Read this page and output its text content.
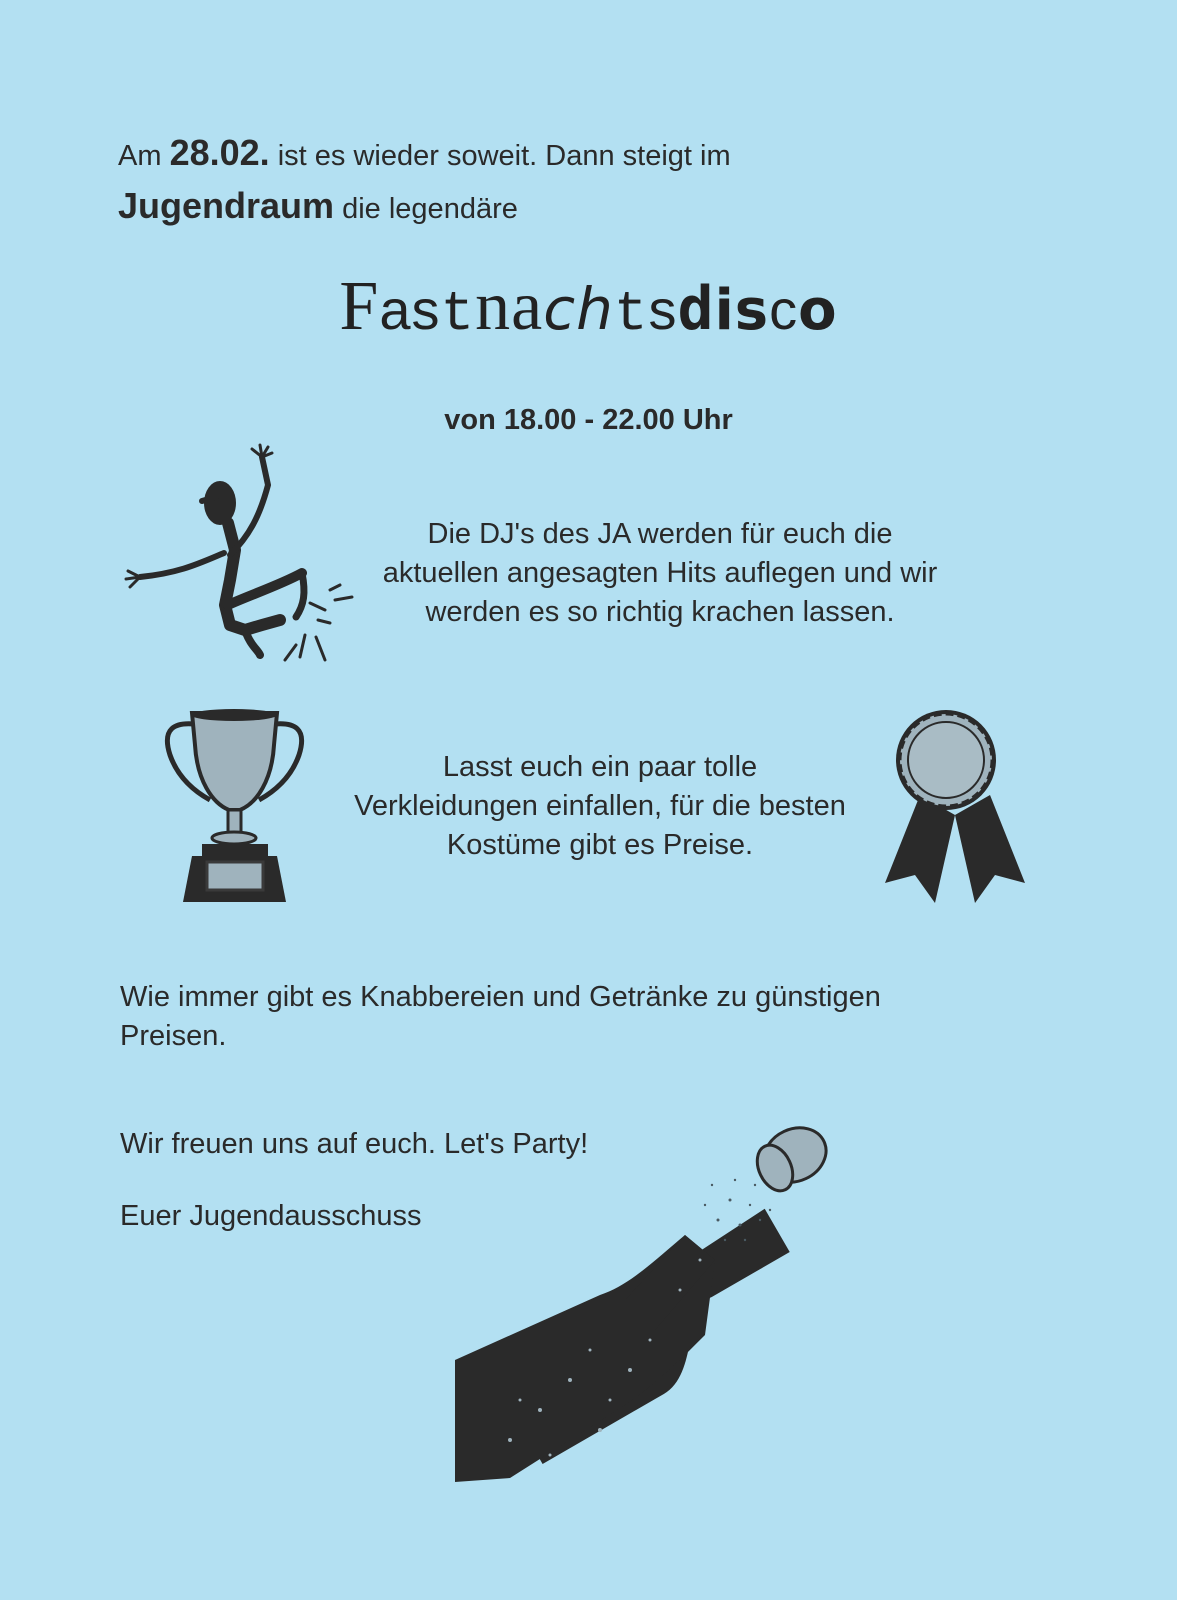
Am 28.02. ist es wieder soweit. Dann steigt im
Jugendraum die legendäre
Fastnachtsdisco
von 18.00 - 22.00 Uhr
Die DJ's des JA werden für euch die
aktuellen angesagten Hits auflegen und wir
werden es so richtig krachen lassen.
Lasst euch ein paar tolle
Verkleidungen einfallen, für die besten
Kostüme gibt es Preise.
Wie immer gibt es Knabbereien und Getränke zu günstigen
Preisen.
Wir freuen uns auf euch. Let's Party!
Euer Jugendausschuss
